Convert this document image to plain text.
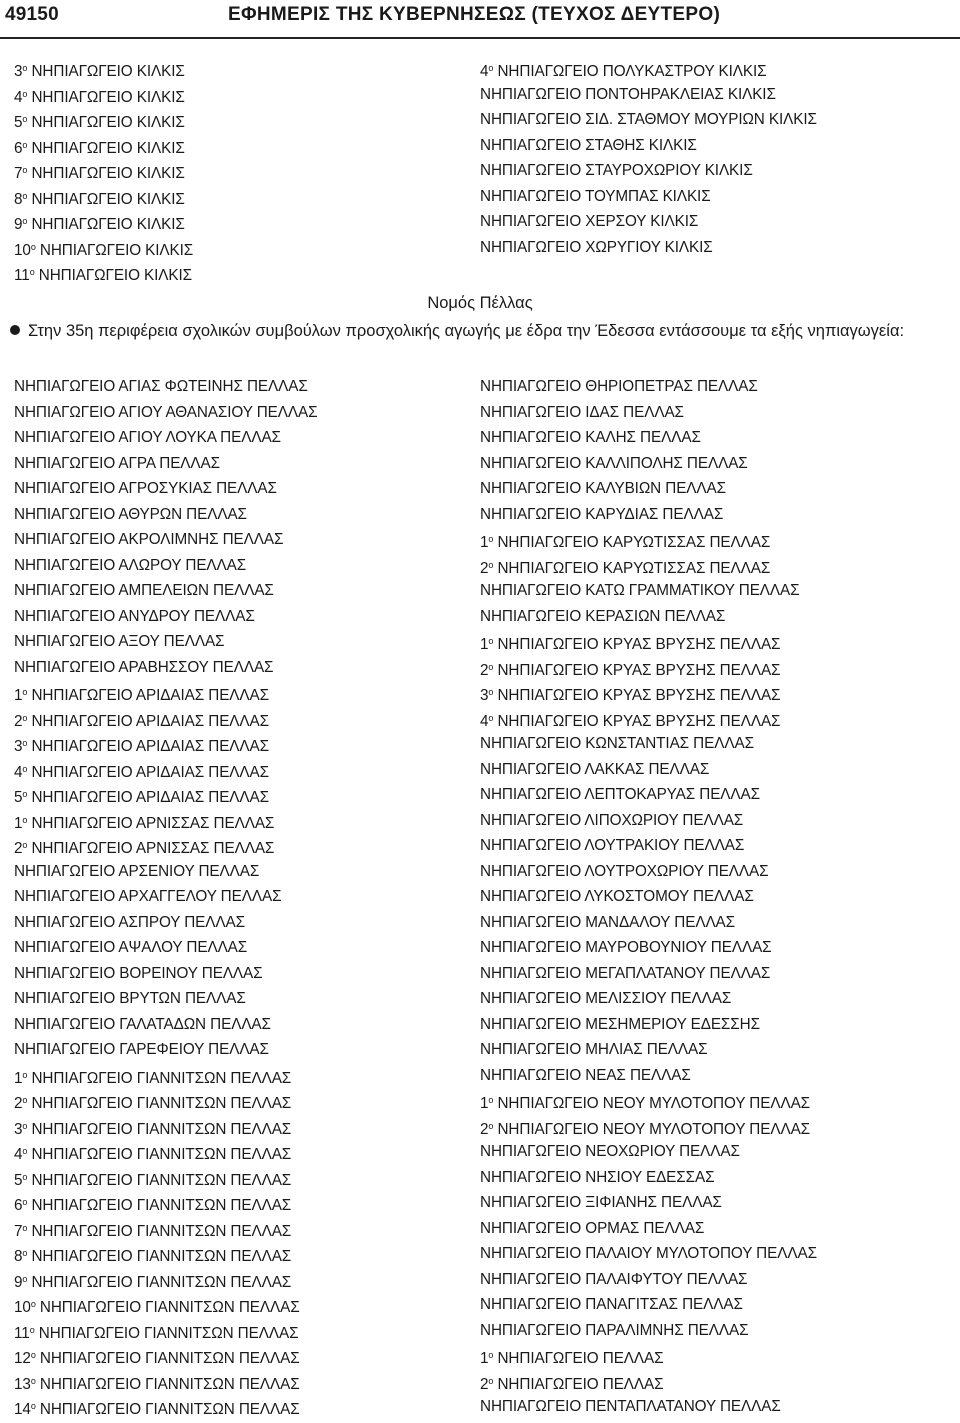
49150	ΕΦΗΜΕΡΙΣ ΤΗΣ ΚΥΒΕΡΝΗΣΕΩΣ (ΤΕΥΧΟΣ ΔΕΥΤΕΡΟ)
$3^o$ ΝΗΠΙΑΓΩΓΕΙΟ ΚΙΛΚΙΣ
$4^o$ ΝΗΠΙΑΓΩΓΕΙΟ ΚΙΛΚΙΣ
$5^o$ ΝΗΠΙΑΓΩΓΕΙΟ ΚΙΛΚΙΣ
$6^o$ ΝΗΠΙΑΓΩΓΕΙΟ ΚΙΛΚΙΣ
$7^o$ ΝΗΠΙΑΓΩΓΕΙΟ ΚΙΛΚΙΣ
$8^o$ ΝΗΠΙΑΓΩΓΕΙΟ ΚΙΛΚΙΣ
$9^o$ ΝΗΠΙΑΓΩΓΕΙΟ ΚΙΛΚΙΣ
$10^o$ ΝΗΠΙΑΓΩΓΕΙΟ ΚΙΛΚΙΣ
$11^o$ ΝΗΠΙΑΓΩΓΕΙΟ ΚΙΛΚΙΣ
$4^o$ ΝΗΠΙΑΓΩΓΕΙΟ ΠΟΛΥΚΑΣΤΡΟΥ ΚΙΛΚΙΣ
ΝΗΠΙΑΓΩΓΕΙΟ ΠΟΝΤΟΗΡΑΚΛΕΙΑΣ ΚΙΛΚΙΣ
ΝΗΠΙΑΓΩΓΕΙΟ ΣΙΔ. ΣΤΑΘΜΟΥ ΜΟΥΡΙΩΝ ΚΙΛΚΙΣ
ΝΗΠΙΑΓΩΓΕΙΟ ΣΤΑΘΗΣ ΚΙΛΚΙΣ
ΝΗΠΙΑΓΩΓΕΙΟ ΣΤΑΥΡΟΧΩΡΙΟΥ ΚΙΛΚΙΣ
ΝΗΠΙΑΓΩΓΕΙΟ ΤΟΥΜΠΑΣ ΚΙΛΚΙΣ
ΝΗΠΙΑΓΩΓΕΙΟ ΧΕΡΣΟΥ ΚΙΛΚΙΣ
ΝΗΠΙΑΓΩΓΕΙΟ ΧΩΡΥΓΙΟΥ ΚΙΛΚΙΣ
Νομός Πέλλας
Στην 35η περιφέρεια σχολικών συμβούλων προσχολικής αγωγής με έδρα την Έδεσσα εντάσσουμε τα εξής νηπιαγωγεία:
ΝΗΠΙΑΓΩΓΕΙΟ ΑΓΙΑΣ ΦΩΤΕΙΝΗΣ ΠΕΛΛΑΣ
ΝΗΠΙΑΓΩΓΕΙΟ ΑΓΙΟΥ ΑΘΑΝΑΣΙΟΥ ΠΕΛΛΑΣ
ΝΗΠΙΑΓΩΓΕΙΟ ΑΓΙΟΥ ΛΟΥΚΑ ΠΕΛΛΑΣ
ΝΗΠΙΑΓΩΓΕΙΟ ΑΓΡΑ ΠΕΛΛΑΣ
ΝΗΠΙΑΓΩΓΕΙΟ ΑΓΡΟΣΥΚΙΑΣ ΠΕΛΛΑΣ
ΝΗΠΙΑΓΩΓΕΙΟ ΑΘΥΡΩΝ ΠΕΛΛΑΣ
ΝΗΠΙΑΓΩΓΕΙΟ ΑΚΡΟΛΙΜΝΗΣ ΠΕΛΛΑΣ
ΝΗΠΙΑΓΩΓΕΙΟ ΑΛΩΡΟΥ ΠΕΛΛΑΣ
ΝΗΠΙΑΓΩΓΕΙΟ ΑΜΠΕΛΕΙΩΝ ΠΕΛΛΑΣ
ΝΗΠΙΑΓΩΓΕΙΟ ΑΝΥΔΡΟΥ ΠΕΛΛΑΣ
ΝΗΠΙΑΓΩΓΕΙΟ ΑΞΟΥ ΠΕΛΛΑΣ
ΝΗΠΙΑΓΩΓΕΙΟ ΑΡΑΒΗΣΣΟΥ ΠΕΛΛΑΣ
$1^o$ ΝΗΠΙΑΓΩΓΕΙΟ ΑΡΙΔΑΙΑΣ ΠΕΛΛΑΣ
$2^o$ ΝΗΠΙΑΓΩΓΕΙΟ ΑΡΙΔΑΙΑΣ ΠΕΛΛΑΣ
$3^o$ ΝΗΠΙΑΓΩΓΕΙΟ ΑΡΙΔΑΙΑΣ ΠΕΛΛΑΣ
$4^o$ ΝΗΠΙΑΓΩΓΕΙΟ ΑΡΙΔΑΙΑΣ ΠΕΛΛΑΣ
$5^o$ ΝΗΠΙΑΓΩΓΕΙΟ ΑΡΙΔΑΙΑΣ ΠΕΛΛΑΣ
$1^o$ ΝΗΠΙΑΓΩΓΕΙΟ ΑΡΝΙΣΣΑΣ ΠΕΛΛΑΣ
$2^o$ ΝΗΠΙΑΓΩΓΕΙΟ ΑΡΝΙΣΣΑΣ ΠΕΛΛΑΣ
ΝΗΠΙΑΓΩΓΕΙΟ ΑΡΣΕΝΙΟΥ ΠΕΛΛΑΣ
ΝΗΠΙΑΓΩΓΕΙΟ ΑΡΧΑΓΓΕΛΟΥ ΠΕΛΛΑΣ
ΝΗΠΙΑΓΩΓΕΙΟ ΑΣΠΡΟΥ ΠΕΛΛΑΣ
ΝΗΠΙΑΓΩΓΕΙΟ ΑΨΑΛΟΥ ΠΕΛΛΑΣ
ΝΗΠΙΑΓΩΓΕΙΟ ΒΟΡΕΙΝΟΥ ΠΕΛΛΑΣ
ΝΗΠΙΑΓΩΓΕΙΟ ΒΡΥΤΩΝ ΠΕΛΛΑΣ
ΝΗΠΙΑΓΩΓΕΙΟ ΓΑΛΑΤΑΔΩΝ ΠΕΛΛΑΣ
ΝΗΠΙΑΓΩΓΕΙΟ ΓΑΡΕΦΕΙΟΥ ΠΕΛΛΑΣ
$1^o$ ΝΗΠΙΑΓΩΓΕΙΟ ΓΙΑΝΝΙΤΣΩΝ ΠΕΛΛΑΣ
$2^o$ ΝΗΠΙΑΓΩΓΕΙΟ ΓΙΑΝΝΙΤΣΩΝ ΠΕΛΛΑΣ
$3^o$ ΝΗΠΙΑΓΩΓΕΙΟ ΓΙΑΝΝΙΤΣΩΝ ΠΕΛΛΑΣ
$4^o$ ΝΗΠΙΑΓΩΓΕΙΟ ΓΙΑΝΝΙΤΣΩΝ ΠΕΛΛΑΣ
$5^o$ ΝΗΠΙΑΓΩΓΕΙΟ ΓΙΑΝΝΙΤΣΩΝ ΠΕΛΛΑΣ
$6^o$ ΝΗΠΙΑΓΩΓΕΙΟ ΓΙΑΝΝΙΤΣΩΝ ΠΕΛΛΑΣ
$7^o$ ΝΗΠΙΑΓΩΓΕΙΟ ΓΙΑΝΝΙΤΣΩΝ ΠΕΛΛΑΣ
$8^o$ ΝΗΠΙΑΓΩΓΕΙΟ ΓΙΑΝΝΙΤΣΩΝ ΠΕΛΛΑΣ
$9^o$ ΝΗΠΙΑΓΩΓΕΙΟ ΓΙΑΝΝΙΤΣΩΝ ΠΕΛΛΑΣ
$10^o$ ΝΗΠΙΑΓΩΓΕΙΟ ΓΙΑΝΝΙΤΣΩΝ ΠΕΛΛΑΣ
$11^o$ ΝΗΠΙΑΓΩΓΕΙΟ ΓΙΑΝΝΙΤΣΩΝ ΠΕΛΛΑΣ
$12^o$ ΝΗΠΙΑΓΩΓΕΙΟ ΓΙΑΝΝΙΤΣΩΝ ΠΕΛΛΑΣ
$13^o$ ΝΗΠΙΑΓΩΓΕΙΟ ΓΙΑΝΝΙΤΣΩΝ ΠΕΛΛΑΣ
$14^o$ ΝΗΠΙΑΓΩΓΕΙΟ ΓΙΑΝΝΙΤΣΩΝ ΠΕΛΛΑΣ
ΝΗΠΙΑΓΩΓΕΙΟ ΘΗΡΙΟΠΕΤΡΑΣ ΠΕΛΛΑΣ
ΝΗΠΙΑΓΩΓΕΙΟ ΙΔΑΣ ΠΕΛΛΑΣ
ΝΗΠΙΑΓΩΓΕΙΟ ΚΑΛΗΣ ΠΕΛΛΑΣ
ΝΗΠΙΑΓΩΓΕΙΟ ΚΑΛΛΙΠΟΛΗΣ ΠΕΛΛΑΣ
ΝΗΠΙΑΓΩΓΕΙΟ ΚΑΛΥΒΙΩΝ ΠΕΛΛΑΣ
ΝΗΠΙΑΓΩΓΕΙΟ ΚΑΡΥΔΙΑΣ ΠΕΛΛΑΣ
$1^o$ ΝΗΠΙΑΓΩΓΕΙΟ ΚΑΡΥΩΤΙΣΣΑΣ ΠΕΛΛΑΣ
$2^o$ ΝΗΠΙΑΓΩΓΕΙΟ ΚΑΡΥΩΤΙΣΣΑΣ ΠΕΛΛΑΣ
ΝΗΠΙΑΓΩΓΕΙΟ ΚΑΤΩ ΓΡΑΜΜΑΤΙΚΟΥ ΠΕΛΛΑΣ
ΝΗΠΙΑΓΩΓΕΙΟ ΚΕΡΑΣΙΩΝ ΠΕΛΛΑΣ
$1^o$ ΝΗΠΙΑΓΩΓΕΙΟ ΚΡΥΑΣ ΒΡΥΣΗΣ ΠΕΛΛΑΣ
$2^o$ ΝΗΠΙΑΓΩΓΕΙΟ ΚΡΥΑΣ ΒΡΥΣΗΣ ΠΕΛΛΑΣ
$3^o$ ΝΗΠΙΑΓΩΓΕΙΟ ΚΡΥΑΣ ΒΡΥΣΗΣ ΠΕΛΛΑΣ
$4^o$ ΝΗΠΙΑΓΩΓΕΙΟ ΚΡΥΑΣ ΒΡΥΣΗΣ ΠΕΛΛΑΣ
ΝΗΠΙΑΓΩΓΕΙΟ ΚΩΝΣΤΑΝΤΙΑΣ ΠΕΛΛΑΣ
ΝΗΠΙΑΓΩΓΕΙΟ ΛΑΚΚΑΣ ΠΕΛΛΑΣ
ΝΗΠΙΑΓΩΓΕΙΟ ΛΕΠΤΟΚΑΡΥΑΣ ΠΕΛΛΑΣ
ΝΗΠΙΑΓΩΓΕΙΟ ΛΙΠΟΧΩΡΙΟΥ ΠΕΛΛΑΣ
ΝΗΠΙΑΓΩΓΕΙΟ ΛΟΥΤΡΑΚΙΟΥ ΠΕΛΛΑΣ
ΝΗΠΙΑΓΩΓΕΙΟ ΛΟΥΤΡΟΧΩΡΙΟΥ ΠΕΛΛΑΣ
ΝΗΠΙΑΓΩΓΕΙΟ ΛΥΚΟΣΤΟΜΟΥ ΠΕΛΛΑΣ
ΝΗΠΙΑΓΩΓΕΙΟ ΜΑΝΔΑΛΟΥ ΠΕΛΛΑΣ
ΝΗΠΙΑΓΩΓΕΙΟ ΜΑΥΡΟΒΟΥΝΙΟΥ ΠΕΛΛΑΣ
ΝΗΠΙΑΓΩΓΕΙΟ ΜΕΓΑΠΛΑΤΑΝΟΥ ΠΕΛΛΑΣ
ΝΗΠΙΑΓΩΓΕΙΟ ΜΕΛΙΣΣΙΟΥ ΠΕΛΛΑΣ
ΝΗΠΙΑΓΩΓΕΙΟ ΜΕΣΗΜΕΡΙΟΥ ΕΔΕΣΣΗΣ
ΝΗΠΙΑΓΩΓΕΙΟ ΜΗΛΙΑΣ ΠΕΛΛΑΣ
ΝΗΠΙΑΓΩΓΕΙΟ ΝΕΑΣ ΠΕΛΛΑΣ
$1^o$ ΝΗΠΙΑΓΩΓΕΙΟ ΝΕΟΥ ΜΥΛΟΤΟΠΟΥ ΠΕΛΛΑΣ
$2^o$ ΝΗΠΙΑΓΩΓΕΙΟ ΝΕΟΥ ΜΥΛΟΤΟΠΟΥ ΠΕΛΛΑΣ
ΝΗΠΙΑΓΩΓΕΙΟ ΝΕΟΧΩΡΙΟΥ ΠΕΛΛΑΣ
ΝΗΠΙΑΓΩΓΕΙΟ ΝΗΣΙΟΥ ΕΔΕΣΣΑΣ
ΝΗΠΙΑΓΩΓΕΙΟ ΞΙΦΙΑΝΗΣ ΠΕΛΛΑΣ
ΝΗΠΙΑΓΩΓΕΙΟ ΟΡΜΑΣ ΠΕΛΛΑΣ
ΝΗΠΙΑΓΩΓΕΙΟ ΠΑΛΑΙΟΥ ΜΥΛΟΤΟΠΟΥ ΠΕΛΛΑΣ
ΝΗΠΙΑΓΩΓΕΙΟ ΠΑΛΑΙΦΥΤΟΥ ΠΕΛΛΑΣ
ΝΗΠΙΑΓΩΓΕΙΟ ΠΑΝΑΓΙΤΣΑΣ ΠΕΛΛΑΣ
ΝΗΠΙΑΓΩΓΕΙΟ ΠΑΡΑΛΙΜΝΗΣ ΠΕΛΛΑΣ
$1^o$ ΝΗΠΙΑΓΩΓΕΙΟ ΠΕΛΛΑΣ
$2^o$ ΝΗΠΙΑΓΩΓΕΙΟ ΠΕΛΛΑΣ
ΝΗΠΙΑΓΩΓΕΙΟ ΠΕΝΤΑΠΛΑΤΑΝΟΥ ΠΕΛΛΑΣ
